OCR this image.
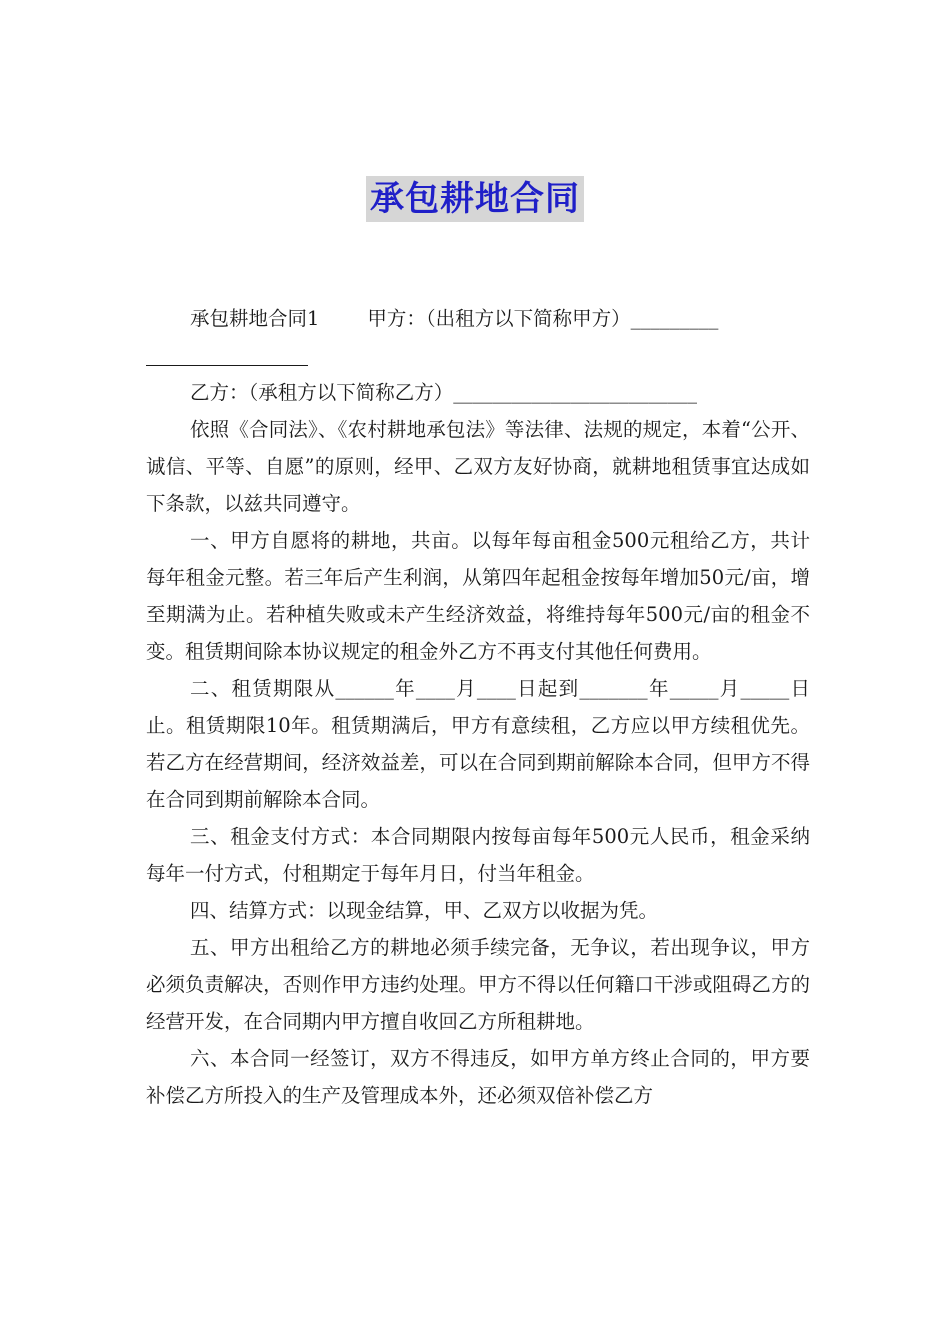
承包耕地合同

承包耕地合同1 甲方：（出租方以下简称甲方）_________

乙方：（承租方以下简称乙方）_________________________

依照《合同法》、《农村耕地承包法》等法律、法规的规定，本着“公开、诚信、平等、自愿”的原则，经甲、乙双方友好协商，就耕地租赁事宜达成如下条款，以兹共同遵守。

一、甲方自愿将的耕地，共亩。以每年每亩租金500元租给乙方，共计每年租金元整。若三年后产生利润，从第四年起租金按每年增加50元/亩，增至期满为止。若种植失败或未产生经济效益，将维持每年500元/亩的租金不变。租赁期间除本协议规定的租金外乙方不再支付其他任何费用。

二、租赁期限从______年____月____日起到_______年_____月_____日止。租赁期限10年。租赁期满后，甲方有意续租，乙方应以甲方续租优先。若乙方在经营期间，经济效益差，可以在合同到期前解除本合同，但甲方不得在合同到期前解除本合同。

三、租金支付方式：本合同期限内按每亩每年500元人民币，租金采纳每年一付方式，付租期定于每年月日，付当年租金。

四、结算方式：以现金结算，甲、乙双方以收据为凭。

五、甲方出租给乙方的耕地必须手续完备，无争议，若出现争议，甲方必须负责解决，否则作甲方违约处理。甲方不得以任何籍口干涉或阻碍乙方的经营开发，在合同期内甲方擅自收回乙方所租耕地。

六、本合同一经签订，双方不得违反，如甲方单方终止合同的，甲方要补偿乙方所投入的生产及管理成本外，还必须双倍补偿乙方
